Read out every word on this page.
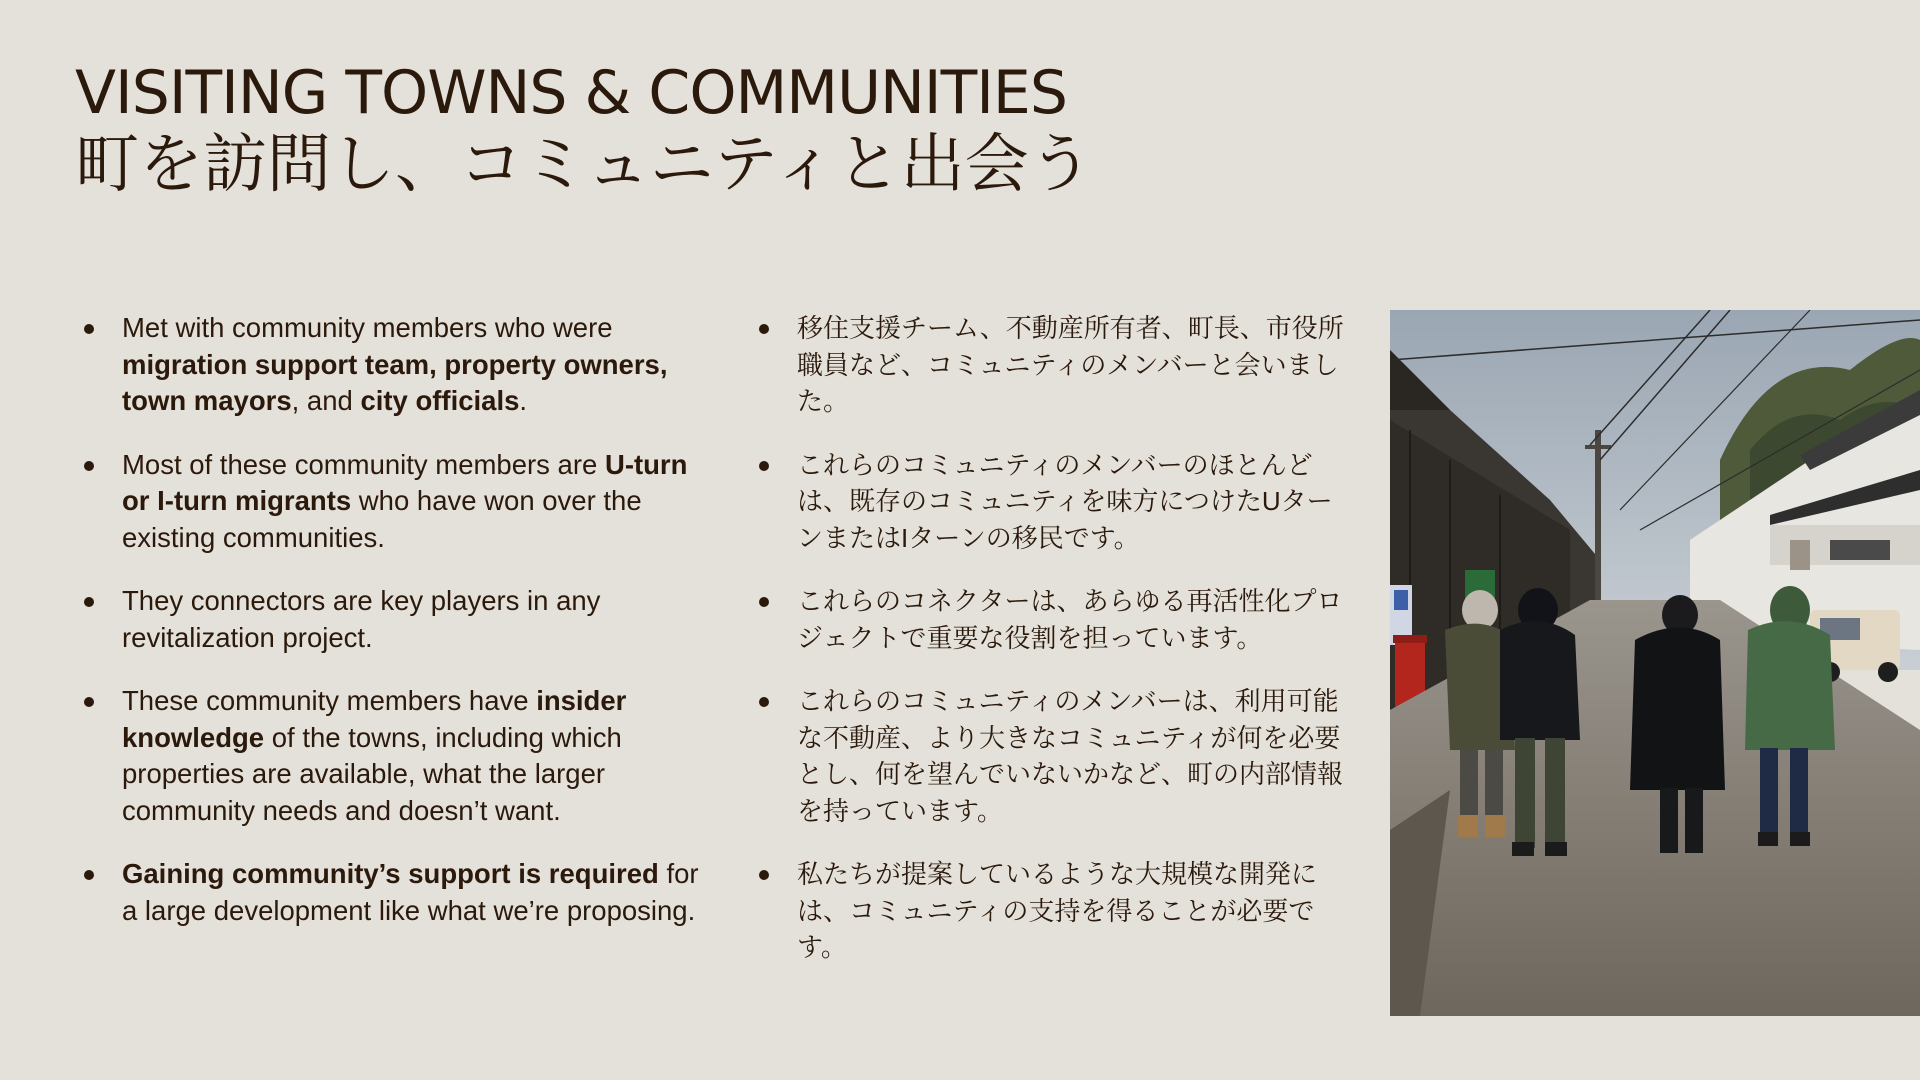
VISITING TOWNS & COMMUNITIES
町を訪問し、コミュニティと出会う
Met with community members who were migration support team, property owners, town mayors, and city officials.
Most of these community members are U-turn or I-turn migrants who have won over the existing communities.
They connectors are key players in any revitalization project.
These community members have insider knowledge of the towns, including which properties are available, what the larger community needs and doesn’t want.
Gaining community’s support is required for a large development like what we’re proposing.
移住支援チーム、不動産所有者、町長、市役所職員など、コミュニティのメンバーと会いました。
これらのコミュニティのメンバーのほとんどは、既存のコミュニティを味方につけたUターンまたはIターンの移民です。
これらのコネクターは、あらゆる再活性化プロジェクトで重要な役割を担っています。
これらのコミュニティのメンバーは、利用可能な不動産、より大きなコミュニティが何を必要とし、何を望んでいないかなど、町の内部情報を持っています。
私たちが提案しているような大規模な開発には、コミュニティの支持を得ることが必要です。
